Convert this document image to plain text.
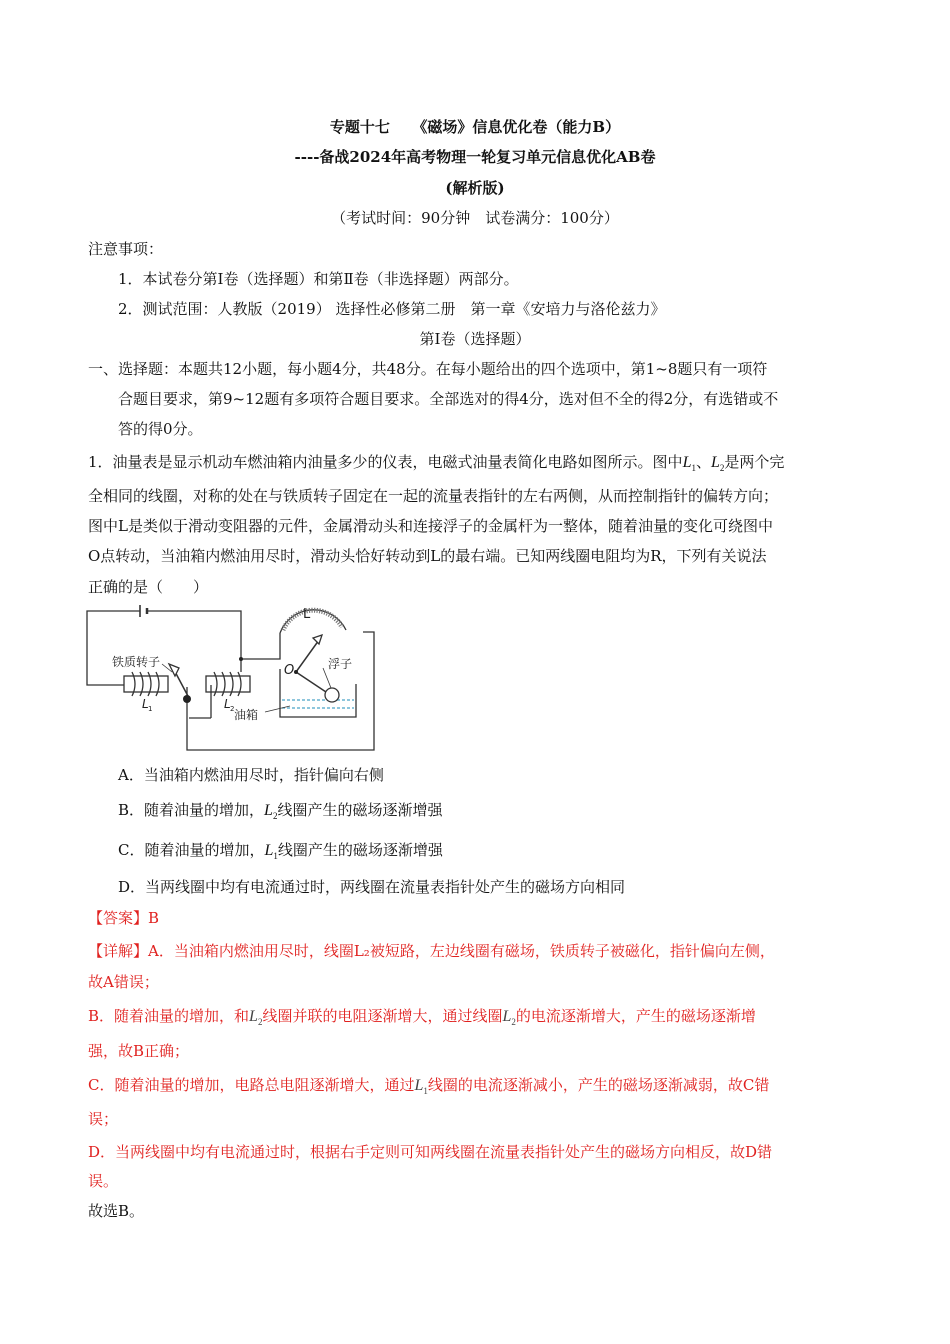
专题十七　　《磁场》信息优化卷（能力B）
----备战2024年高考物理一轮复习单元信息优化AB卷
(解析版)
（考试时间：90分钟　试卷满分：100分）
注意事项：
1．本试卷分第Ⅰ卷（选择题）和第Ⅱ卷（非选择题）两部分。
2．测试范围：人教版（2019） 选择性必修第二册　第一章《安培力与洛伦兹力》
第Ⅰ卷（选择题）
一、选择题：本题共12小题，每小题4分，共48分。在每小题给出的四个选项中，第1~8题只有一项符
合题目要求，第9~12题有多项符合题目要求。全部选对的得4分，选对但不全的得2分，有选错或不
答的得0分。
1．油量表是显示机动车燃油箱内油量多少的仪表，电磁式油量表简化电路如图所示。图中$L_1$、$L_2$是两个完
全相同的线圈，对称的处在与铁质转子固定在一起的流量表指针的左右两侧，从而控制指针的偏转方向；
图中L是类似于滑动变阻器的元件，金属滑动头和连接浮子的金属杆为一整体，随着油量的变化可绕图中
O点转动，当油箱内燃油用尽时，滑动头恰好转动到L的最右端。已知两线圈电阻均为R，下列有关说法
正确的是（　　）
铁质转子	浮子
油箱
L
O
L 1	L 2
A．当油箱内燃油用尽时，指针偏向右侧
B．随着油量的增加，$L_2$线圈产生的磁场逐渐增强
C．随着油量的增加，$L_1$线圈产生的磁场逐渐增强
D．当两线圈中均有电流通过时，两线圈在流量表指针处产生的磁场方向相同
【答案】B
【详解】A．当油箱内燃油用尽时，线圈L₂被短路，左边线圈有磁场，铁质转子被磁化，指针偏向左侧，
故A错误；
B．随着油量的增加，和$L_2$线圈并联的电阻逐渐增大，通过线圈$L_2$的电流逐渐增大，产生的磁场逐渐增
强，故B正确；
C．随着油量的增加，电路总电阻逐渐增大，通过$L_1$线圈的电流逐渐减小，产生的磁场逐渐减弱，故C错
误；
D．当两线圈中均有电流通过时，根据右手定则可知两线圈在流量表指针处产生的磁场方向相反，故D错
误。
故选B。
